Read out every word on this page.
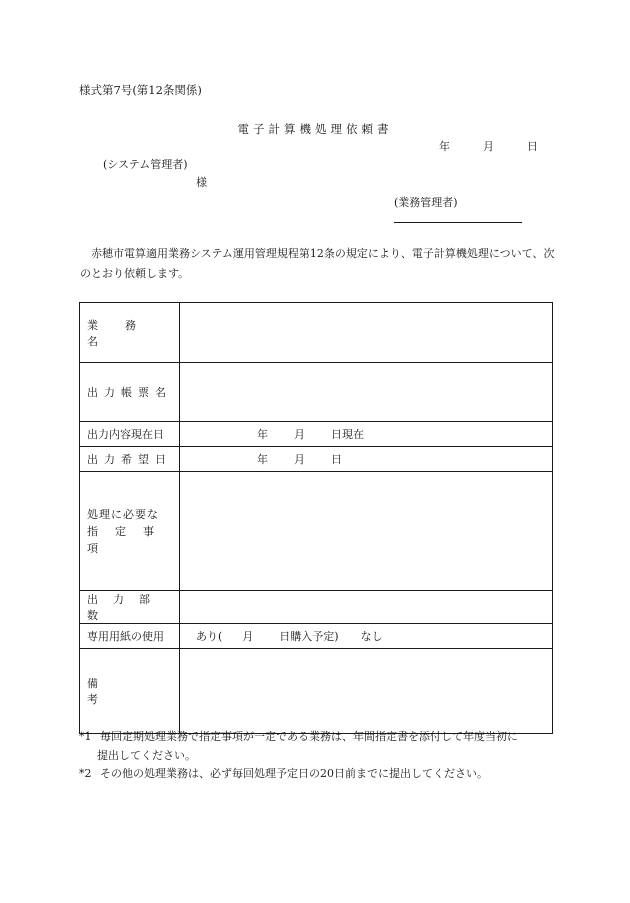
様式第7号(第12条関係)
電子計算機処理依頼書
年	月	日
(システム管理者)
様
(業務管理者)
赤穂市電算適用業務システム運用管理規程第12条の規定により、電子計算機処理について、次のとおり依頼します。
業務名	

出力帳票名	
出力内容現在日	年 月 日現在

出力希望日	年 月 日

処理に必要な
指定事項	

出力部数	
専用用紙の使用	あり( 月 日購入予定) なし

備考	
*1 毎回定期処理業務で指定事項が一定である業務は、年間指定書を添付して年度当初に
提出してください。
*2 その他の処理業務は、必ず毎回処理予定日の20日前までに提出してください。
